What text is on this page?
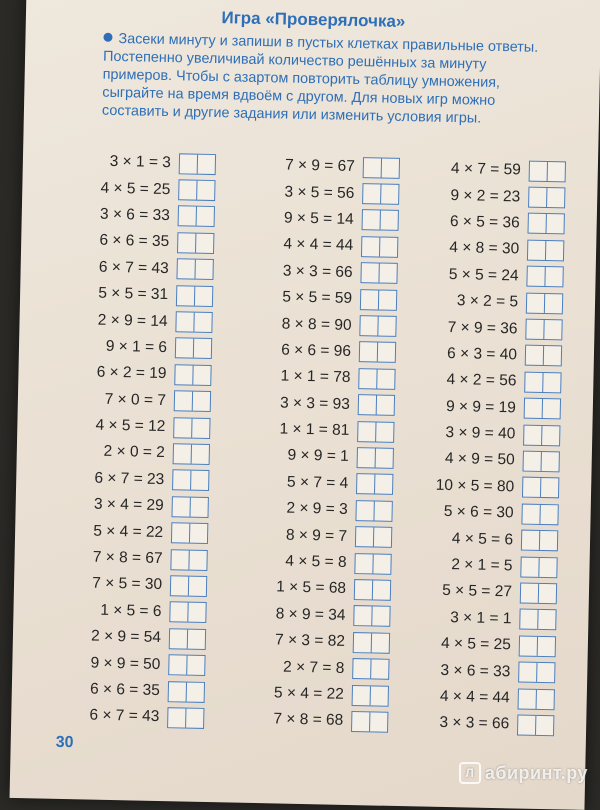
Игра «Проверялочка»
Засеки минуту и запиши в пустых клетках правильные ответы. Постепенно увеличивай количество решённых за минуту примеров. Чтобы с азартом повторить таблицу умножения, сыграйте на время вдвоём с другом. Для новых игр можно составить и другие задания или изменить условия игры.
3 × 1 = 3
4 × 5 = 25
3 × 6 = 33
6 × 6 = 35
6 × 7 = 43
5 × 5 = 31
2 × 9 = 14
9 × 1 = 6
6 × 2 = 19
7 × 0 = 7
4 × 5 = 12
2 × 0 = 2
6 × 7 = 23
3 × 4 = 29
5 × 4 = 22
7 × 8 = 67
7 × 5 = 30
1 × 5 = 6
2 × 9 = 54
9 × 9 = 50
6 × 6 = 35
6 × 7 = 43
7 × 9 = 67
3 × 5 = 56
9 × 5 = 14
4 × 4 = 44
3 × 3 = 66
5 × 5 = 59
8 × 8 = 90
6 × 6 = 96
1 × 1 = 78
3 × 3 = 93
1 × 1 = 81
9 × 9 = 1
5 × 7 = 4
2 × 9 = 3
8 × 9 = 7
4 × 5 = 8
1 × 5 = 68
8 × 9 = 34
7 × 3 = 82
2 × 7 = 8
5 × 4 = 22
7 × 8 = 68
4 × 7 = 59
9 × 2 = 23
6 × 5 = 36
4 × 8 = 30
5 × 5 = 24
3 × 2 = 5
7 × 9 = 36
6 × 3 = 40
4 × 2 = 56
9 × 9 = 19
3 × 9 = 40
4 × 9 = 50
10 × 5 = 80
5 × 6 = 30
4 × 5 = 6
2 × 1 = 5
5 × 5 = 27
3 × 1 = 1
4 × 5 = 25
3 × 6 = 33
4 × 4 = 44
3 × 3 = 66
30
Л абиринт.ру
